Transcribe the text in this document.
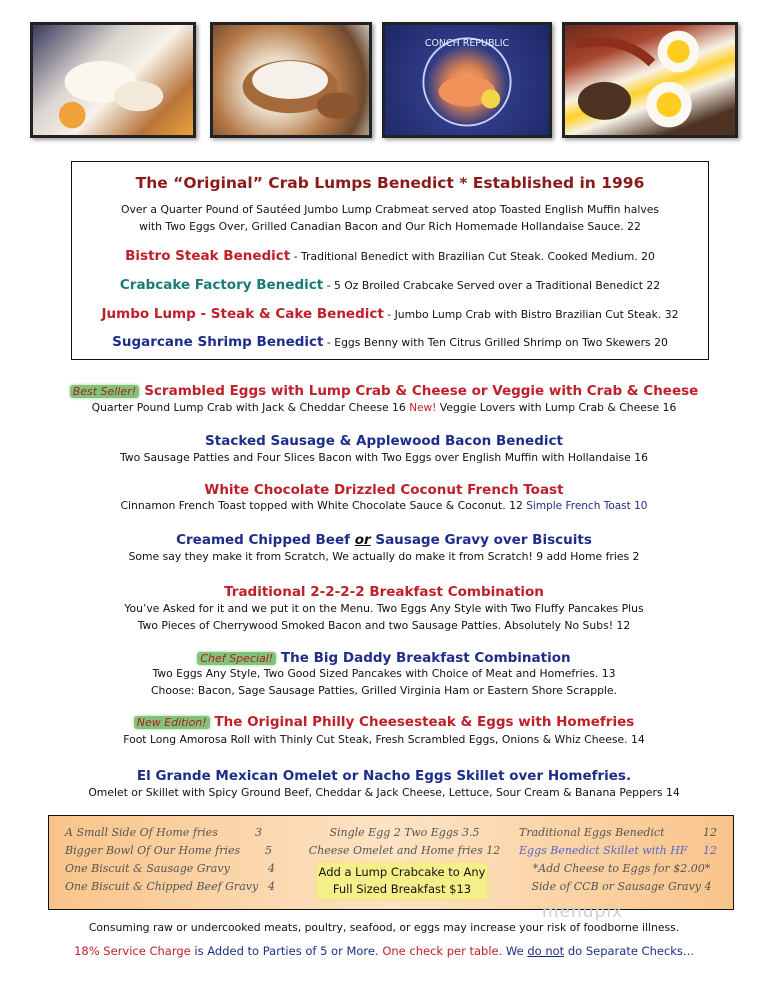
CONCH REPUBLIC
The “Original” Crab Lumps Benedict * Established in 1996
Over a Quarter Pound of Sautéed Jumbo Lump Crabmeat served atop Toasted English Muffin halves
with Two Eggs Over, Grilled Canadian Bacon and Our Rich Homemade Hollandaise Sauce. 22
Bistro Steak Benedict - Traditional Benedict with Brazilian Cut Steak. Cooked Medium. 20
Crabcake Factory Benedict - 5 Oz Broiled Crabcake Served over a Traditional Benedict 22
Jumbo Lump - Steak & Cake Benedict - Jumbo Lump Crab with Bistro Brazilian Cut Steak. 32
Sugarcane Shrimp Benedict - Eggs Benny with Ten Citrus Grilled Shrimp on Two Skewers 20
Best Seller! Scrambled Eggs with Lump Crab & Cheese or Veggie with Crab & Cheese
Quarter Pound Lump Crab with Jack & Cheddar Cheese 16 New! Veggie Lovers with Lump Crab & Cheese 16
Stacked Sausage & Applewood Bacon Benedict
Two Sausage Patties and Four Slices Bacon with Two Eggs over English Muffin with Hollandaise 16
White Chocolate Drizzled Coconut French Toast
Cinnamon French Toast topped with White Chocolate Sauce & Coconut. 12 Simple French Toast 10
Creamed Chipped Beef or Sausage Gravy over Biscuits
Some say they make it from Scratch, We actually do make it from Scratch! 9 add Home fries 2
Traditional 2-2-2-2 Breakfast Combination
You’ve Asked for it and we put it on the Menu. Two Eggs Any Style with Two Fluffy Pancakes Plus
Two Pieces of Cherrywood Smoked Bacon and two Sausage Patties. Absolutely No Subs! 12
Chef Special! The Big Daddy Breakfast Combination
Two Eggs Any Style, Two Good Sized Pancakes with Choice of Meat and Homefries. 13
Choose: Bacon, Sage Sausage Patties, Grilled Virginia Ham or Eastern Shore Scrapple.
New Edition! The Original Philly Cheesesteak & Eggs with Homefries
Foot Long Amorosa Roll with Thinly Cut Steak, Fresh Scrambled Eggs, Onions & Whiz Cheese. 14
El Grande Mexican Omelet or Nacho Eggs Skillet over Homefries.
Omelet or Skillet with Spicy Ground Beef, Cheddar & Jack Cheese, Lettuce, Sour Cream & Banana Peppers 14
A Small Side Of Home fries	3
Bigger Bowl Of Our Home fries 5
One Biscuit & Sausage Gravy	4
One Biscuit & Chipped Beef Gravy 4
Single Egg 2 Two Eggs 3.5
Cheese Omelet and Home fries 12
Add a Lump Crabcake to Any
Full Sized Breakfast $13
Traditional Eggs Benedict	12
Eggs Benedict Skillet with HF 12
*Add Cheese to Eggs for $2.00*
Side of CCB or Sausage Gravy 4
menupix
Consuming raw or undercooked meats, poultry, seafood, or eggs may increase your risk of foodborne illness.
18% Service Charge is Added to Parties of 5 or More. One check per table. We do not do Separate Checks...
